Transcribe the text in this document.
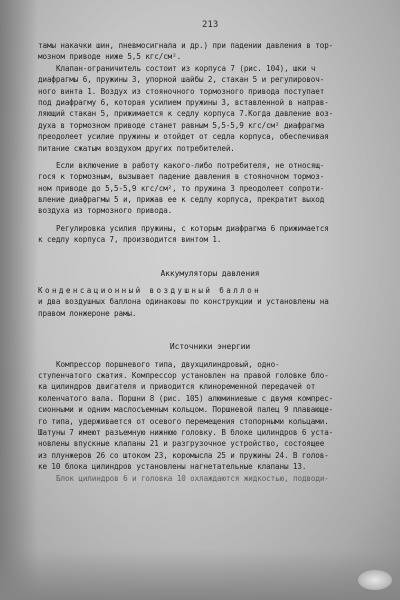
213
тамы накачки шин, пневмосигнала и др.) при падении давления в тор-
мозном приводе ниже 5,5 кгс/см².
Клапан-ограничитель состоит из корпуса 7 (рис. 104), шки ч
диафрагмы 6, пружины 3, упорной шайбы 2, стакан 5 и регулировоч-
ного винта 1. Воздух из стояночного тормозного привода поступает
под диафрагму 6, которая усилием пружины 3, вставленной в направ-
ляющий стакан 5, прижимается к седлу корпуса 7.Когда давление воз-
духа в тормозном приводе станет равным 5,5-5,9 кгс/см² диафрагма
преодолеет усилие пружины и отойдет от седла корпуса, обеспечивая
питание сжатым воздухом других потребителей.
Если включение в работу какого-либо потребителя, не относящ-
гося к тормозным, вызывает падение давления в стояночном тормоз-
ном приводе до 5,5-5,9 кгс/см², то пружина 3 преодолеет сопроти-
вление диафрагмы 5 и, прижав ее к седлу корпуса, прекратит выход
воздуха из тормозного привода.
Регулировка усилия пружины, с которым диафрагма 6 прижимается
к седлу корпуса 7, производится винтом 1.
Аккумуляторы давления
Конденсационный воздушный баллон
и два воздушных баллона одинаковы по конструкции и установлены на
правом лонжероне рамы.
Источники энергии
Компрессор поршневого типа, двухцилиндровый, одно-
ступенчатого сжатия. Компрессор установлен на правой головке бло-
ка цилиндров двигателя и приводится клиноременной передачей от
коленчатого вала. Поршни 8 (рис. 105) алюминиевые с двумя компрес-
сионными и одним маслосъемным кольцом. Поршневой палец 9 плавающе-
го типа, удерживается от осевого перемещения стопорными кольцами.
Шатуны 7 имеют разъемную нижнюю головку. В блоке цилиндров 6 уста-
новлены впускные клапаны 21 и разгрузочное устройство, состоящее
из плунжеров 26 со штоком 23, коромысла 25 и пружины 24. В голов-
ке 10 блока цилиндров установлены нагнетательные клапаны 13.
Блок цилиндров 6 и головка 10 охлаждаются жидкостью, подводи-
